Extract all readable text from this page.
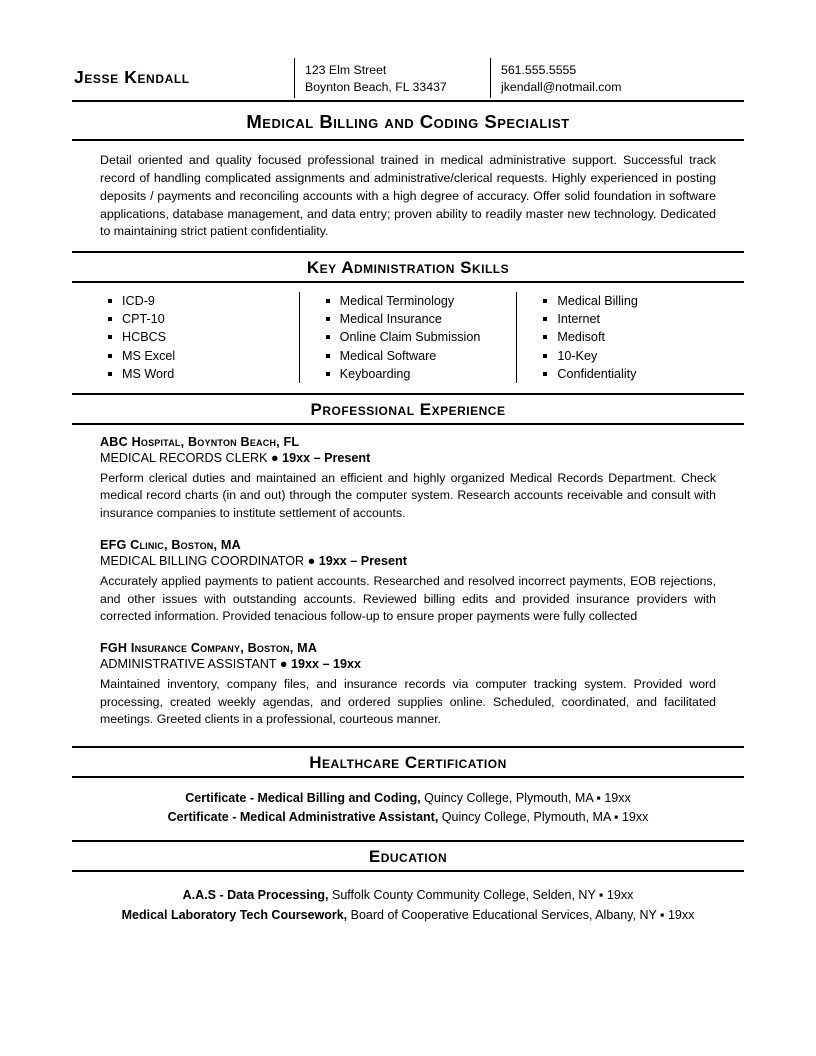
Jesse Kendall	123 Elm Street
Boynton Beach, FL 33437
561.555.5555
jkendall@notmail.com
Medical Billing and Coding Specialist
Detail oriented and quality focused professional trained in medical administrative support. Successful track record of handling complicated assignments and administrative/clerical requests. Highly experienced in posting deposits / payments and reconciling accounts with a high degree of accuracy. Offer solid foundation in software applications, database management, and data entry; proven ability to readily master new technology. Dedicated to maintaining strict patient confidentiality.
Key Administration Skills
ICD-9
CPT-10
HCBCS
MS Excel
MS Word
Medical Terminology
Medical Insurance
Online Claim Submission
Medical Software
Keyboarding
Medical Billing
Internet
Medisoft
10-Key
Confidentiality
Professional Experience
ABC Hospital, Boynton Beach, FL
MEDICAL RECORDS CLERK ● 19xx – Present
Perform clerical duties and maintained an efficient and highly organized Medical Records Department. Check medical record charts (in and out) through the computer system. Research accounts receivable and consult with insurance companies to institute settlement of accounts.
EFG Clinic, Boston, MA
MEDICAL BILLING COORDINATOR ● 19xx – Present
Accurately applied payments to patient accounts. Researched and resolved incorrect payments, EOB rejections, and other issues with outstanding accounts. Reviewed billing edits and provided insurance providers with corrected information. Provided tenacious follow-up to ensure proper payments were fully collected
FGH Insurance Company, Boston, MA
ADMINISTRATIVE ASSISTANT ● 19xx – 19xx
Maintained inventory, company files, and insurance records via computer tracking system. Provided word processing, created weekly agendas, and ordered supplies online. Scheduled, coordinated, and facilitated meetings. Greeted clients in a professional, courteous manner.
Healthcare Certification
Certificate - Medical Billing and Coding, Quincy College, Plymouth, MA ▪ 19xx
Certificate - Medical Administrative Assistant, Quincy College, Plymouth, MA ▪ 19xx
Education
A.A.S - Data Processing, Suffolk County Community College, Selden, NY ▪ 19xx
Medical Laboratory Tech Coursework, Board of Cooperative Educational Services, Albany, NY ▪ 19xx
